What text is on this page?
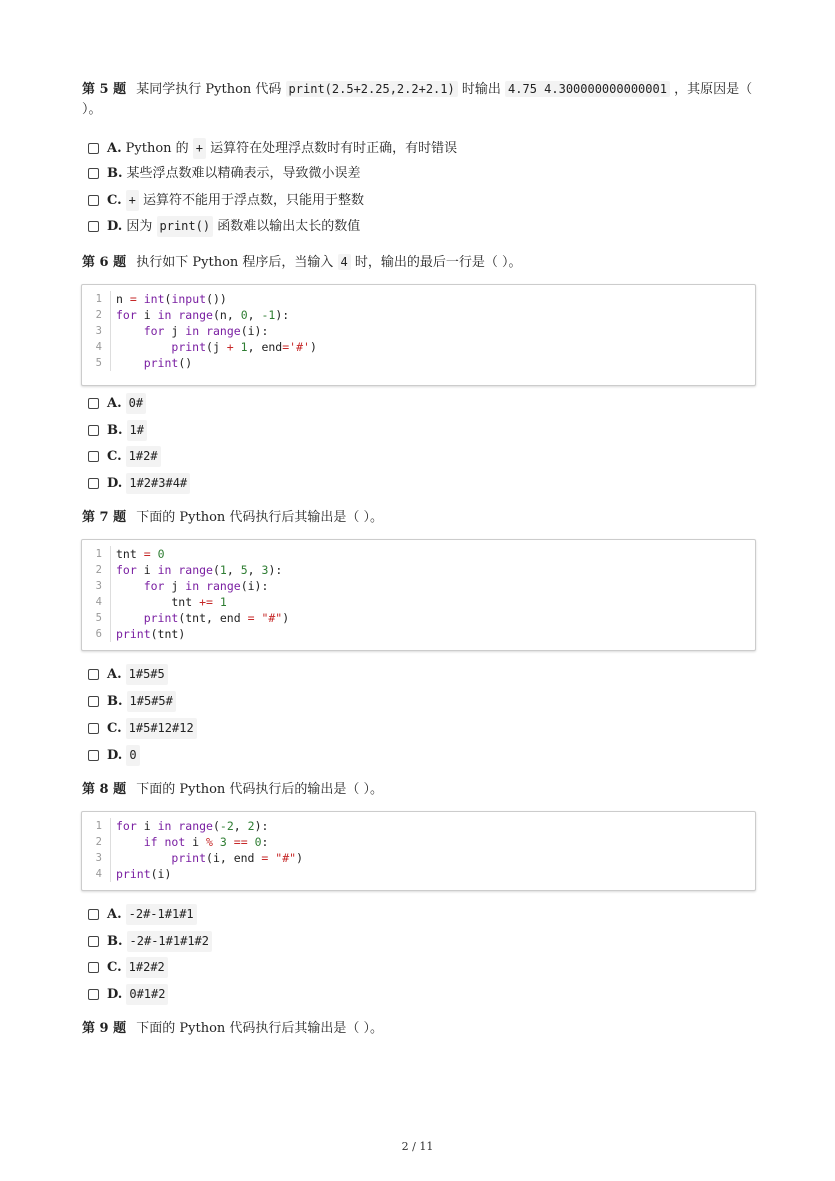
第 5 题 某同学执行 Python 代码 print(2.5+2.25,2.2+2.1) 时输出 4.75 4.300000000000001 ，其原因是（
）。
A. Python 的
+
运算符在处理浮点数时有时正确，有时错误
B. 某些浮点数难以精确表示，导致微小误差
C. +
运算符不能用于浮点数，只能用于整数
D. 因为
print()
函数难以输出太长的数值
第 6 题 执行如下 Python 程序后，当输入 4 时，输出的最后一行是（ ）。
1	n = int(input())
2	for i in range(n, 0, -1):
3	for j in range(i):
4	print(j + 1, end='#')
5	print()
A. 0#
B. 1#
C. 1#2#
D. 1#2#3#4#
第 7 题 下面的 Python 代码执行后其输出是（ ）。
1	tnt = 0
2	for i in range(1, 5, 3):
3	for j in range(i):
4	tnt += 1
5	print(tnt, end = "#")
6	print(tnt)
A. 1#5#5
B. 1#5#5#
C. 1#5#12#12
D. 0
第 8 题 下面的 Python 代码执行后的输出是（ ）。
1	for i in range(-2, 2):
2	if not i % 3 == 0:
3	print(i, end = "#")
4	print(i)
A. -2#-1#1#1
B. -2#-1#1#1#2
C. 1#2#2
D. 0#1#2
第 9 题 下面的 Python 代码执行后其输出是（ ）。
2 / 11
